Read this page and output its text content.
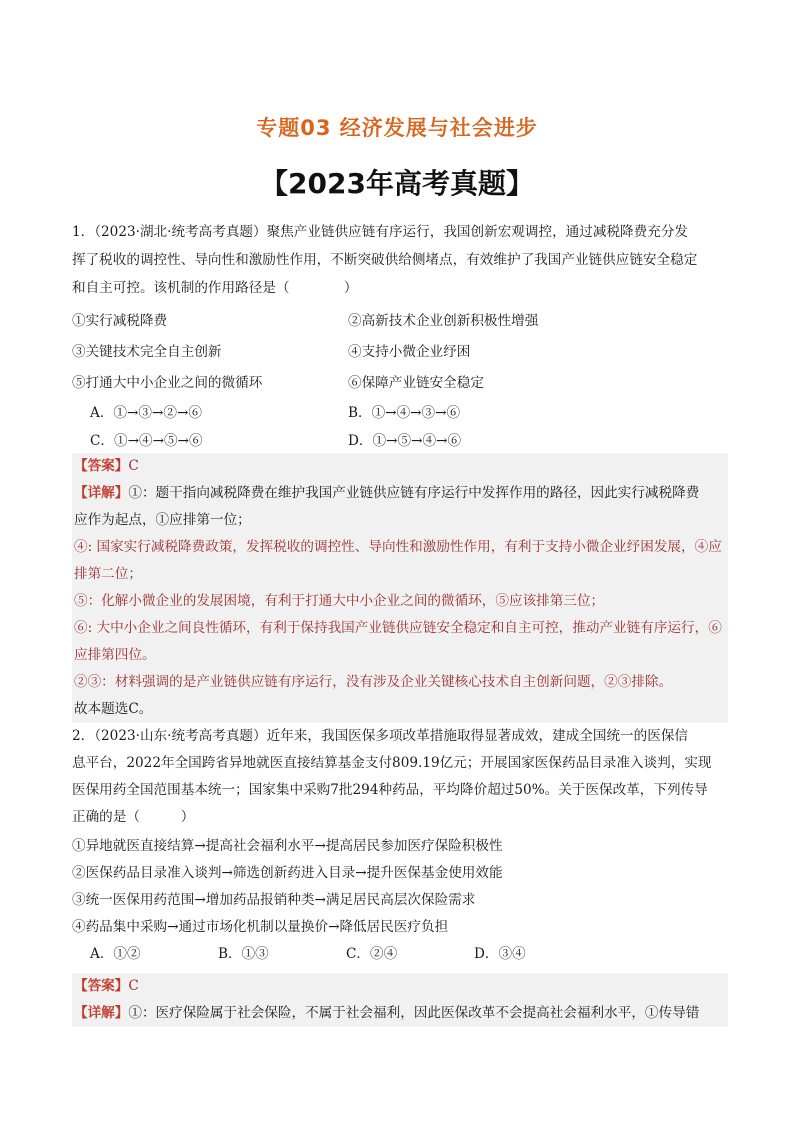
专题03 经济发展与社会进步
【2023年高考真题】

1．（2023·湖北·统考高考真题）聚焦产业链供应链有序运行，我国创新宏观调控，通过减税降费充分发

挥了税收的调控性、导向性和激励性作用，不断突破供给侧堵点，有效维护了我国产业链供应链安全稳定

和自主可控。该机制的作用路径是（　　　　）

①实行减税降费	②高新技术企业创新积极性增强
③关键技术完全自主创新	④支持小微企业纾困
⑤打通大中小企业之间的微循环	⑥保障产业链安全稳定
A．①→③→②→⑥	B．①→④→③→⑥
C．①→④→⑤→⑥	D．①→⑤→④→⑥

【答案】C

【详解】①：题干指向减税降费在维护我国产业链供应链有序运行中发挥作用的路径，因此实行减税降费

应作为起点，①应排第一位；

④: 国家实行减税降费政策，发挥税收的调控性、导向性和激励性作用，有利于支持小微企业纾困发展，④应

排第二位；

⑤：化解小微企业的发展困境，有利于打通大中小企业之间的微循环，⑤应该排第三位；

⑥: 大中小企业之间良性循环，有利于保持我国产业链供应链安全稳定和自主可控，推动产业链有序运行，⑥

应排第四位。

②③：材料强调的是产业链供应链有序运行，没有涉及企业关键核心技术自主创新问题，②③排除。

故本题选C。

2．（2023·山东·统考高考真题）近年来，我国医保多项改革措施取得显著成效，建成全国统一的医保信

息平台，2022年全国跨省异地就医直接结算基金支付809.19亿元；开展国家医保药品目录准入谈判，实现

医保用药全国范围基本统一；国家集中采购7批294种药品，平均降价超过50%。关于医保改革，下列传导

正确的是（　　　）

①异地就医直接结算→提高社会福利水平→提高居民参加医疗保险积极性

②医保药品目录准入谈判→筛选创新药进入目录→提升医保基金使用效能

③统一医保用药范围→增加药品报销种类→满足居民高层次保险需求

④药品集中采购→通过市场化机制以量换价→降低居民医疗负担

A．①②	B．①③	C．②④	D．③④

【答案】C

【详解】①：医疗保险属于社会保险，不属于社会福利，因此医保改革不会提高社会福利水平，①传导错
